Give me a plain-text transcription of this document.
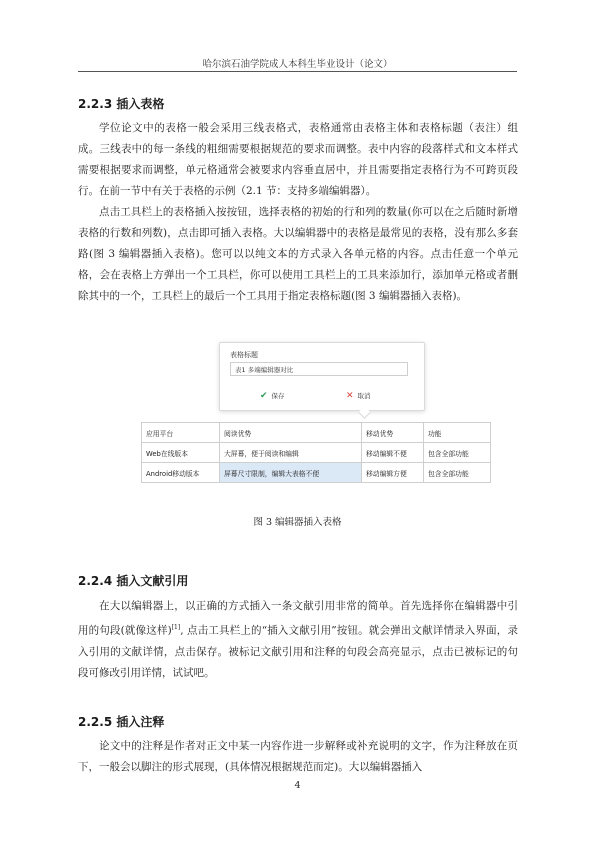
哈尔滨石油学院成人本科生毕业设计（论文）
2.2.3 插入表格

学位论文中的表格一般会采用三线表格式，表格通常由表格主体和表格标题（表注）组成。三线表中的每一条线的粗细需要根据规范的要求而调整。表中内容的段落样式和文本样式需要根据要求而调整，单元格通常会被要求内容垂直居中，并且需要指定表格行为不可跨页段行。在前一节中有关于表格的示例（2.1 节：支持多端编辑器）。

点击工具栏上的表格插入按按钮，选择表格的初始的行和列的数量(你可以在之后随时新增表格的行数和列数)，点击即可插入表格。大以编辑器中的表格是最常见的表格，没有那么多套路(图 3 编辑器插入表格)。您可以以纯文本的方式录入各单元格的内容。点击任意一个单元格，会在表格上方弹出一个工具栏，你可以使用工具栏上的工具来添加行，添加单元格或者删除其中的一个，工具栏上的最后一个工具用于指定表格标题(图 3 编辑器插入表格)。

表格标题
表1 多端编辑器对比
✔ 保存	✕ 取消
应用平台	阅读优势	移动优势	功能
Web在线版本	大屏幕，便于阅读和编辑	移动编辑不便	包含全部功能
Android移动版本	屏幕尺寸限制，编辑大表格不便	移动编辑方便	包含全部功能
图 3 编辑器插入表格
2.2.4 插入文献引用

在大以编辑器上，以正确的方式插入一条文献引用非常的简单。首先选择你在编辑器中引用的句段(就像这样)[1], 点击工具栏上的“插入文献引用”按钮。就会弹出文献详情录入界面，录入引用的文献详情，点击保存。被标记文献引用和注释的句段会高亮显示，点击已被标记的句段可修改引用详情，试试吧。

2.2.5 插入注释

论文中的注释是作者对正文中某一内容作进一步解释或补充说明的文字，作为注释放在页下，一般会以脚注的形式展现，(具体情况根据规范而定)。大以编辑器插入

4
